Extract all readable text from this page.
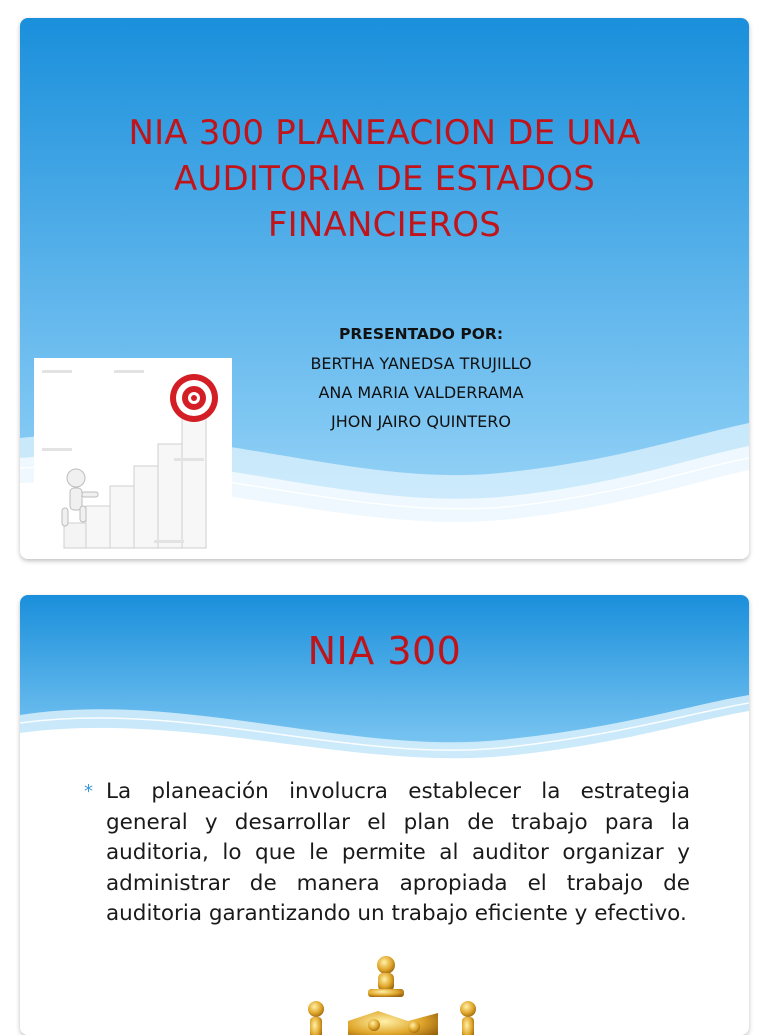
NIA 300 PLANEACION DE UNA AUDITORIA DE ESTADOS FINANCIEROS
PRESENTADO POR:
BERTHA YANEDSA TRUJILLO
ANA MARIA VALDERRAMA
JHON JAIRO QUINTERO
NIA 300
* La planeación involucra establecer la estrategia general y desarrollar el plan de trabajo para la auditoria, lo que le permite al auditor organizar y administrar de manera apropiada el trabajo de auditoria garantizando un trabajo eficiente y efectivo.
